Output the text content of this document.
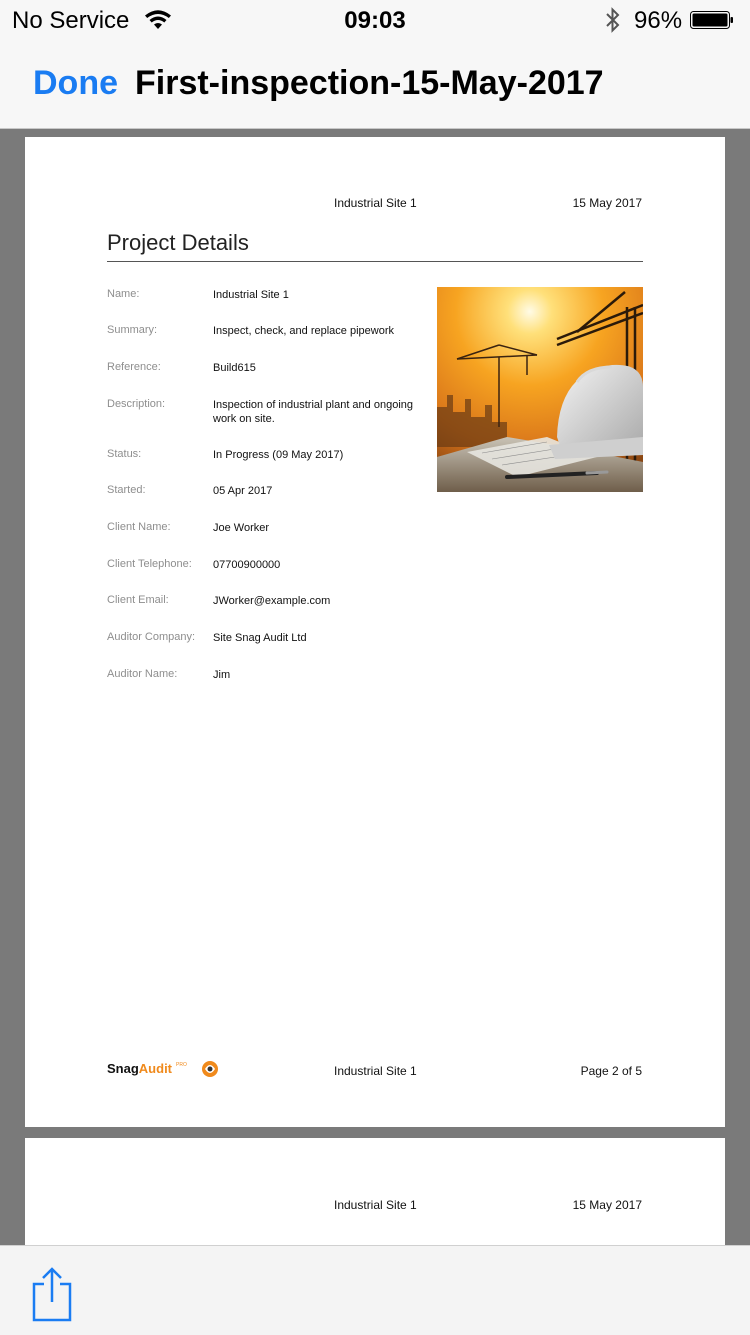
No Service	09:03	96%
Done First-inspection-15-May-2017
Industrial Site 1	15 May 2017
Project Details
Name:	Industrial Site 1
Summary:	Inspect, check, and replace pipework
Reference:	Build615
Description:	Inspection of industrial plant and ongoing work on site.
Status:	In Progress (09 May 2017)
Started:	05 Apr 2017
Client Name:	Joe Worker
Client Telephone:	07700900000
Client Email:	JWorker@example.com
Auditor Company:	Site Snag Audit Ltd
Auditor Name:	Jim
SnagAudit PRO	Industrial Site 1	Page 2 of 5
Industrial Site 1	15 May 2017
